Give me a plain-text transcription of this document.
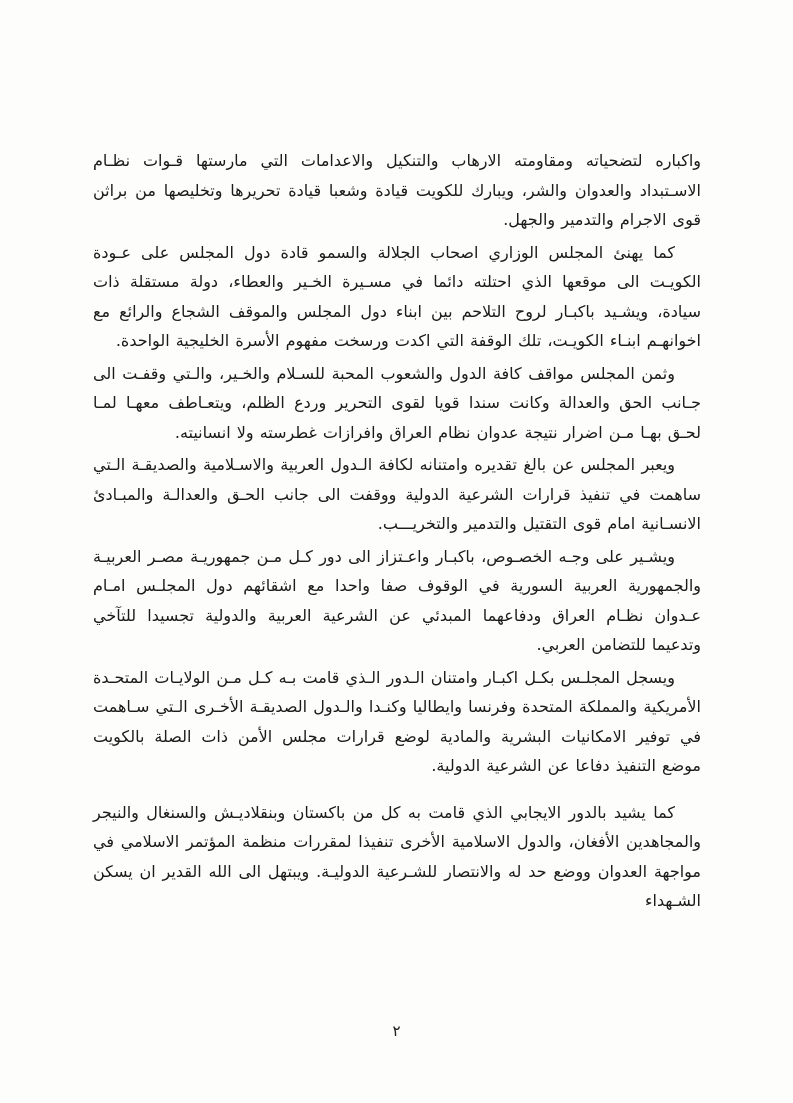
واكباره لتضحياته ومقاومته الارهاب والتنكيل والاعدامات التي مارستها قـوات نظـام الاسـتبداد والعدوان والشر، ويبارك للكويت قيادة وشعبا قيادة تحريرها وتخليصها من براثن قوى الاجرام والتدمير والجهل.

كما يهنئ المجلس الوزاري اصحاب الجلالة والسمو قادة دول المجلس على عـودة الكويـت الى موقعها الذي احتلته دائما في مسـيرة الخـير والعطاء، دولة مستقلة ذات سيادة، ويشـيد باكبـار لروح التلاحم بين ابناء دول المجلس والموقف الشجاع والرائع مع اخوانهـم ابنـاء الكويـت، تلك الوقفة التي اكدت ورسخت مفهوم الأسرة الخليجية الواحدة.

وثمن المجلس مواقف كافة الدول والشعوب المحبة للسـلام والخـير، والـتي وقفـت الى جـانب الحق والعدالة وكانت سندا قويا لقوى التحرير وردع الظلم، ويتعـاطف معهـا لمـا لحـق بهـا مـن اضرار نتيجة عدوان نظام العراق وافرازات غطرسته ولا انسانيته.

ويعبر المجلس عن بالغ تقديره وامتنانه لكافة الـدول العربية والاسـلامية والصديقـة الـتي ساهمت في تنفيذ قرارات الشرعية الدولية ووقفت الى جانب الحـق والعدالـة والمبـادئ الانسـانية امام قوى التقتيل والتدمير والتخريـــب.

ويشـير على وجـه الخصـوص، باكبـار واعـتزاز الى دور كـل مـن جمهوريـة مصـر العربيـة والجمهورية العربية السورية في الوقوف صفا واحدا مع اشقائهم دول المجلـس امـام عـدوان نظـام العراق ودفاعهما المبدئي عن الشرعية العربية والدولية تجسيدا للتآخي وتدعيما للتضامن العربي.

ويسجل المجلـس بكـل اكبـار وامتنان الـدور الـذي قامت بـه كـل مـن الولايـات المتحـدة الأمريكية والمملكة المتحدة وفرنسا وايطاليا وكنـدا والـدول الصديقـة الأخـرى الـتي سـاهمت في توفير الامكانيات البشرية والمادية لوضع قرارات مجلس الأمن ذات الصلة بالكويت موضع التنفيذ دفاعا عن الشرعية الدولية.

كما يشيد بالدور الايجابي الذي قامت به كل من باكستان وبنقلاديـش والسنغال والنيجر والمجاهدين الأفغان، والدول الاسلامية الأخرى تنفيذا لمقررات منظمة المؤتمر الاسلامي في مواجهة العدوان ووضع حد له والانتصار للشـرعية الدوليـة. ويبتهل الى الله القدير ان يسكن الشـهداء

٢
